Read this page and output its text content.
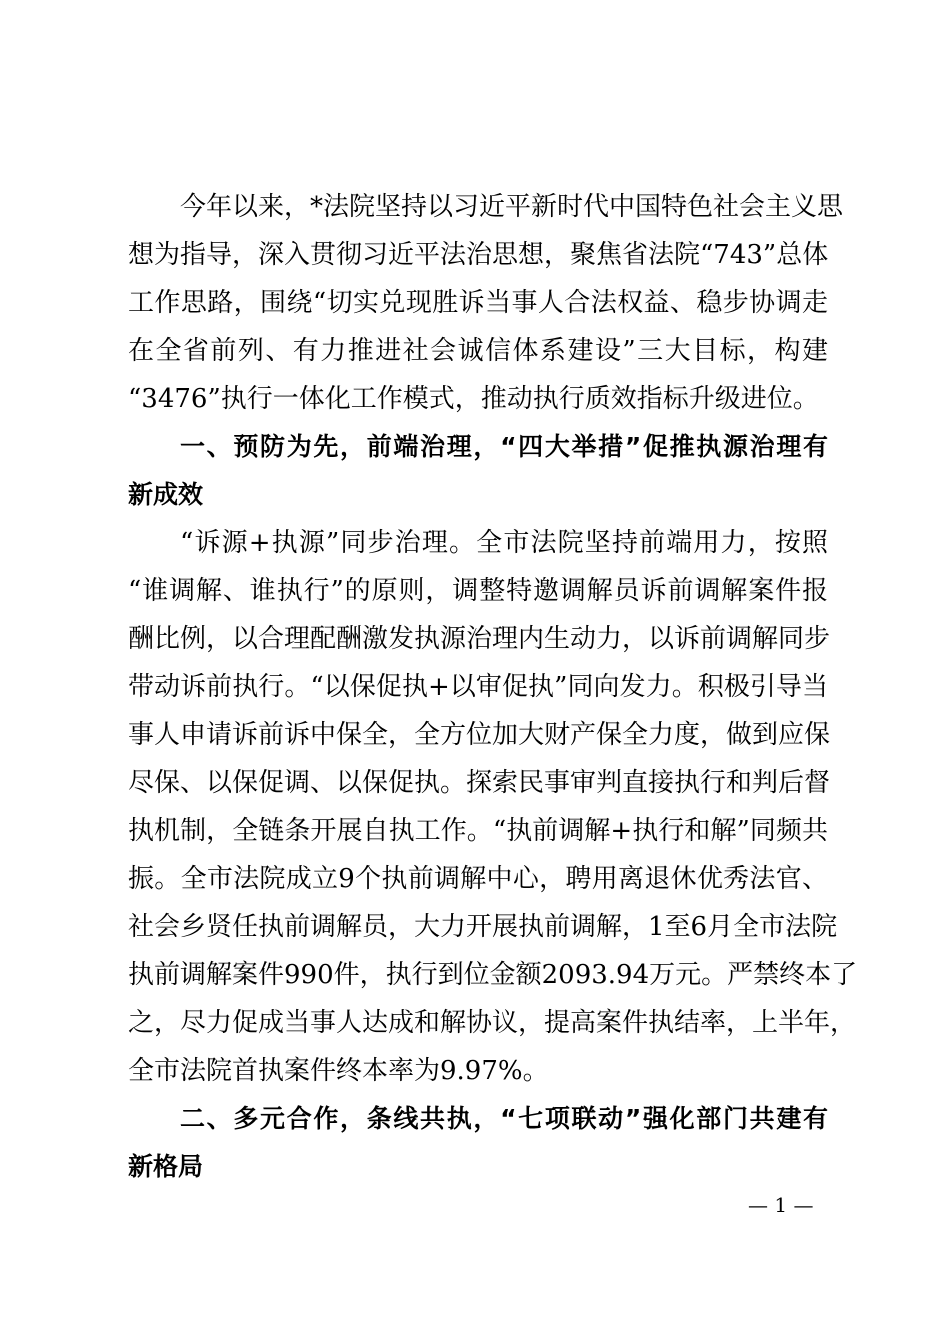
今年以来，*法院坚持以习近平新时代中国特色社会主义思
想为指导，深入贯彻习近平法治思想，聚焦省法院“743”总体
工作思路，围绕“切实兑现胜诉当事人合法权益、稳步协调走
在全省前列、有力推进社会诚信体系建设”三大目标，构建
“3476”执行一体化工作模式，推动执行质效指标升级进位。
一、预防为先，前端治理，“四大举措”促推执源治理有
新成效
“诉源+执源”同步治理。全市法院坚持前端用力，按照
“谁调解、谁执行”的原则，调整特邀调解员诉前调解案件报
酬比例，以合理配酬激发执源治理内生动力，以诉前调解同步
带动诉前执行。“以保促执+以审促执”同向发力。积极引导当
事人申请诉前诉中保全，全方位加大财产保全力度，做到应保
尽保、以保促调、以保促执。探索民事审判直接执行和判后督
执机制，全链条开展自执工作。“执前调解+执行和解”同频共
振。全市法院成立9个执前调解中心，聘用离退休优秀法官、
社会乡贤任执前调解员，大力开展执前调解，1至6月全市法院
执前调解案件990件，执行到位金额2093.94万元。严禁终本了
之，尽力促成当事人达成和解协议，提高案件执结率，上半年，
全市法院首执案件终本率为9.97%。
二、多元合作，条线共执，“七项联动”强化部门共建有
新格局
— 1 —
